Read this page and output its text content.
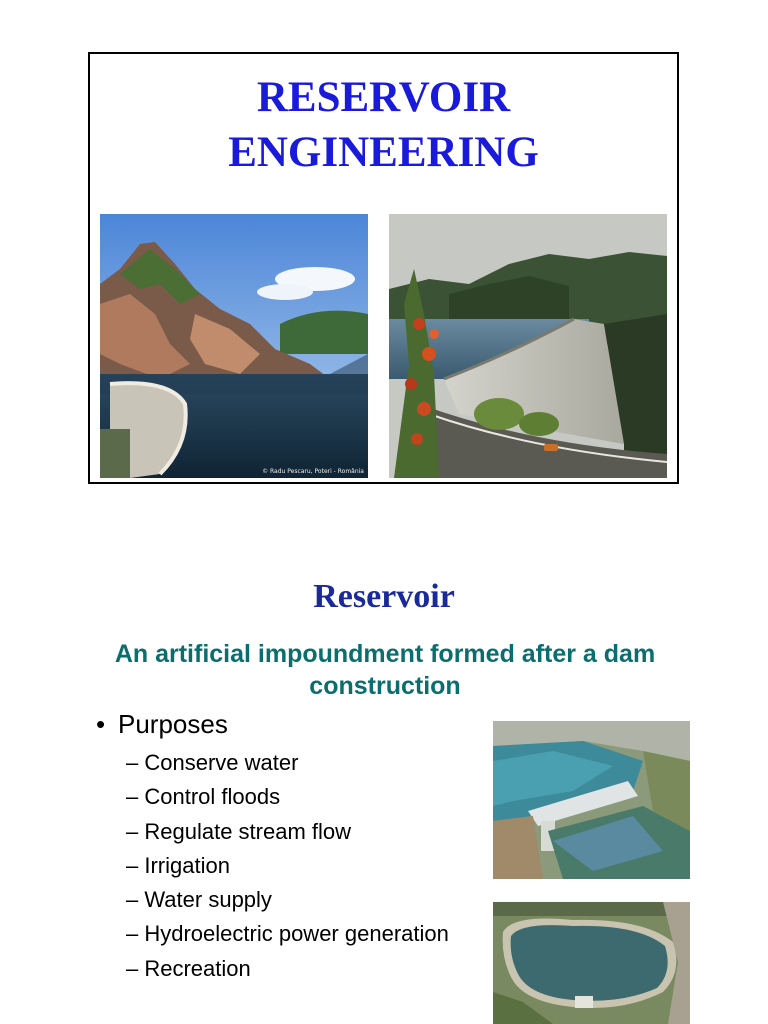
RESERVOIR
ENGINEERING
© Radu Pescaru, Poteri - România
Reservoir
An artificial impoundment formed after a dam construction
• Purposes
– Conserve water
– Control floods
– Regulate stream flow
– Irrigation
– Water supply
– Hydroelectric power generation
– Recreation
